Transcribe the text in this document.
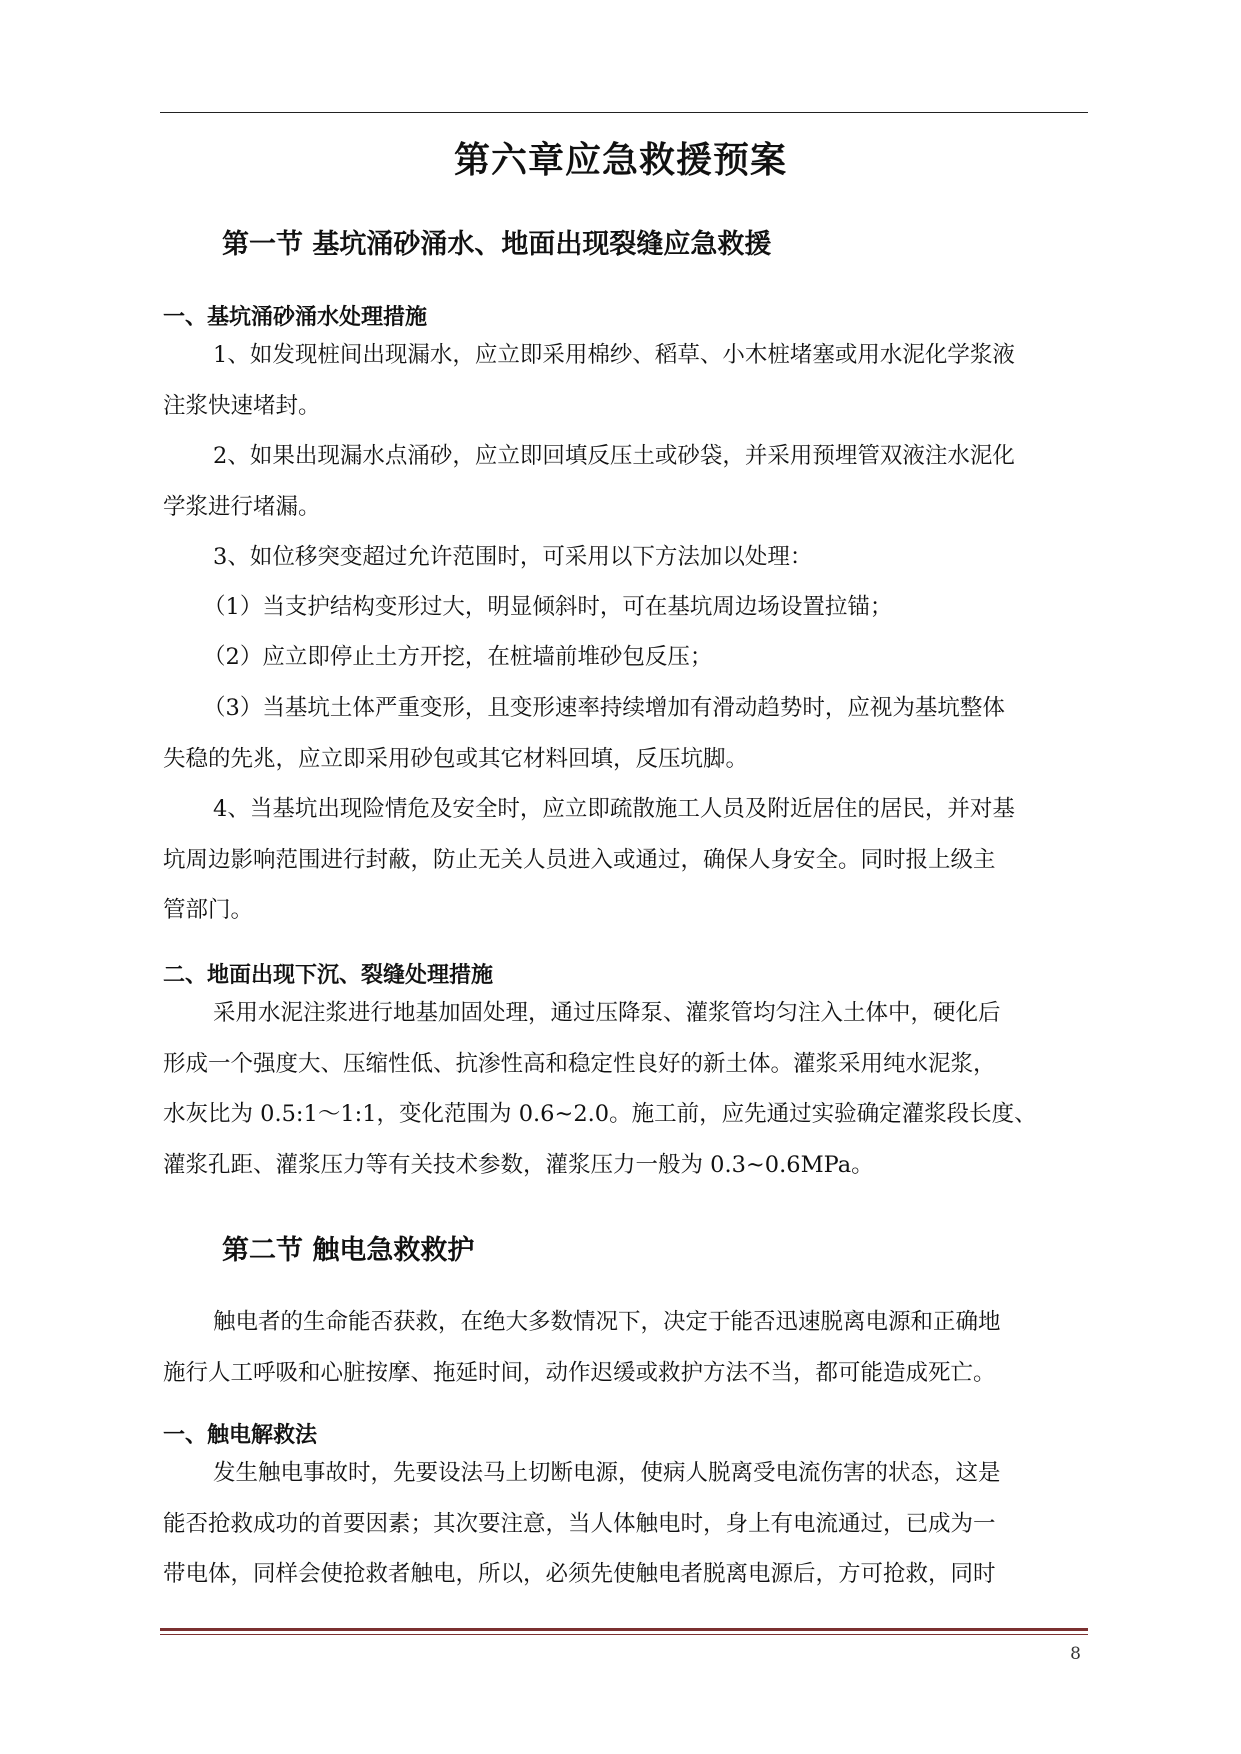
第六章应急救援预案
第一节 基坑涌砂涌水、地面出现裂缝应急救援
一、基坑涌砂涌水处理措施

1、如发现桩间出现漏水，应立即采用棉纱、稻草、小木桩堵塞或用水泥化学浆液
注浆快速堵封。

2、如果出现漏水点涌砂，应立即回填反压土或砂袋，并采用预埋管双液注水泥化
学浆进行堵漏。

3、如位移突变超过允许范围时，可采用以下方法加以处理：

（1）当支护结构变形过大，明显倾斜时，可在基坑周边场设置拉锚；

（2）应立即停止土方开挖，在桩墙前堆砂包反压；

（3）当基坑土体严重变形，且变形速率持续增加有滑动趋势时，应视为基坑整体
失稳的先兆，应立即采用砂包或其它材料回填，反压坑脚。

4、当基坑出现险情危及安全时，应立即疏散施工人员及附近居住的居民，并对基
坑周边影响范围进行封蔽，防止无关人员进入或通过，确保人身安全。同时报上级主
管部门。

二、地面出现下沉、裂缝处理措施

采用水泥注浆进行地基加固处理，通过压降泵、灌浆管均匀注入土体中，硬化后
形成一个强度大、压缩性低、抗渗性高和稳定性良好的新土体。灌浆采用纯水泥浆，
水灰比为 0.5:1～1:1，变化范围为 0.6~2.0。施工前，应先通过实验确定灌浆段长度、
灌浆孔距、灌浆压力等有关技术参数，灌浆压力一般为 0.3~0.6MPa。

第二节 触电急救救护

触电者的生命能否获救，在绝大多数情况下，决定于能否迅速脱离电源和正确地
施行人工呼吸和心脏按摩、拖延时间，动作迟缓或救护方法不当，都可能造成死亡。

一、触电解救法

发生触电事故时，先要设法马上切断电源，使病人脱离受电流伤害的状态，这是
能否抢救成功的首要因素；其次要注意，当人体触电时，身上有电流通过，已成为一
带电体，同样会使抢救者触电，所以，必须先使触电者脱离电源后，方可抢救，同时

8
